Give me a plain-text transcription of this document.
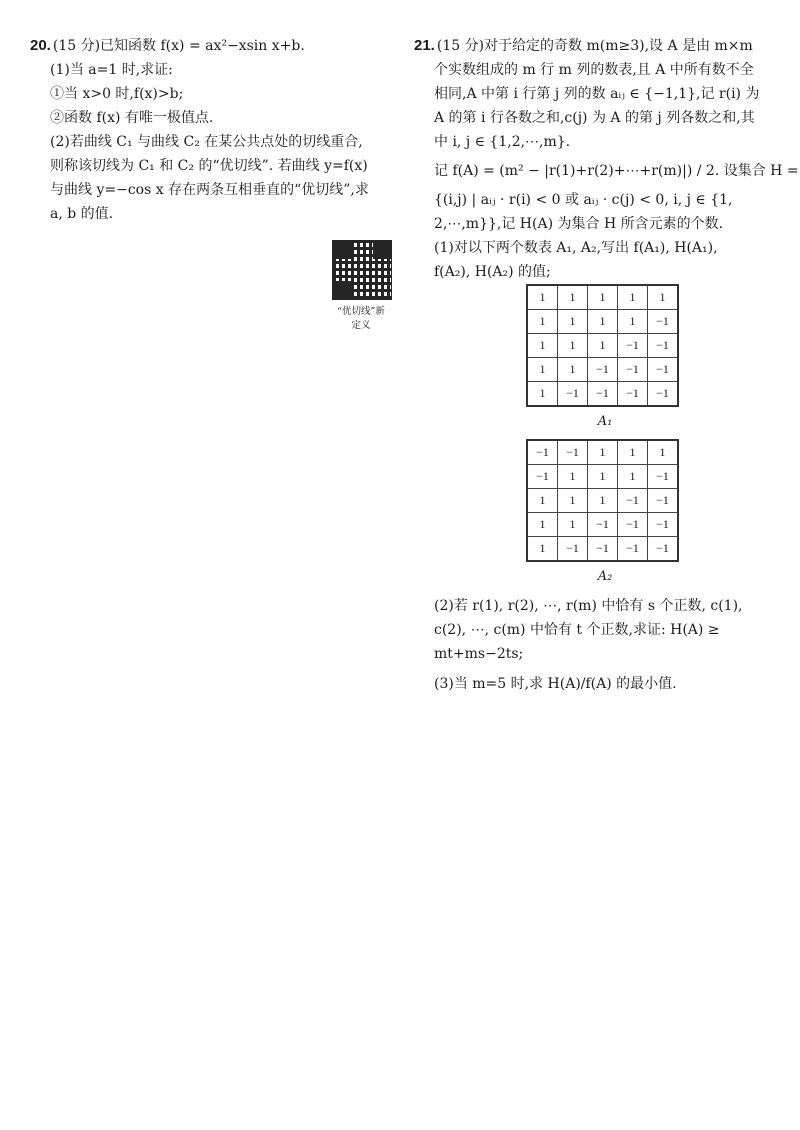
20. (15 分)已知函数 f(x) = ax²−xsin x+b.
(1)当 a=1 时,求证:
①当 x>0 时,f(x)>b;
②函数 f(x) 有唯一极值点.
(2)若曲线 C₁ 与曲线 C₂ 在某公共点处的切线重合,
则称该切线为 C₁ 和 C₂ 的“优切线”. 若曲线 y=f(x)
与曲线 y=−cos x 存在两条互相垂直的“优切线”,求
a, b 的值.
“优切线”新
定义
21. (15 分)对于给定的奇数 m(m≥3),设 A 是由 m×m
个实数组成的 m 行 m 列的数表,且 A 中所有数不全
相同,A 中第 i 行第 j 列的数 aᵢⱼ ∈ {−1,1},记 r(i) 为
A 的第 i 行各数之和,c(j) 为 A 的第 j 列各数之和,其
中 i, j ∈ {1,2,⋯,m}.
记 f(A) = (m² − |r(1)+r(2)+⋯+r(m)|) / 2. 设集合 H =
{(i,j) | aᵢⱼ · r(i) < 0 或 aᵢⱼ · c(j) < 0, i, j ∈ {1,
2,⋯,m}},记 H(A) 为集合 H 所含元素的个数.
(1)对以下两个数表 A₁, A₂,写出 f(A₁), H(A₁),
f(A₂), H(A₂) 的值;
1	1	1	1	1
1	1	1	1	−1
1	1	1	−1	−1
1	1	−1	−1	−1
1	−1	−1	−1	−1
A₁
−1	−1	1	1	1
−1	1	1	1	−1
1	1	1	−1	−1
1	1	−1	−1	−1
1	−1	−1	−1	−1
A₂
(2)若 r(1), r(2), ⋯, r(m) 中恰有 s 个正数, c(1),
c(2), ⋯, c(m) 中恰有 t 个正数,求证: H(A) ≥
mt+ms−2ts;
(3)当 m=5 时,求 H(A)/f(A) 的最小值.
